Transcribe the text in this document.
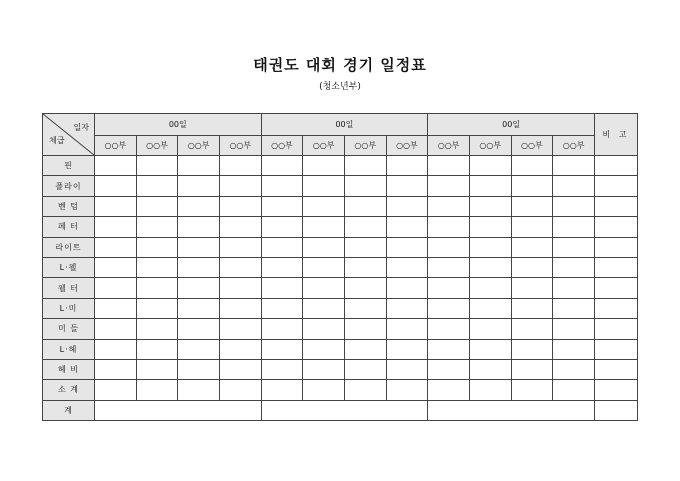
태권도 대회 경기 일정표
(청소년부)
일자
체급	00일				00일				00일				비 고
	○○부	○○부	○○부	○○부	○○부	○○부	○○부	○○부	○○부	○○부	○○부	○○부	
핀													
플라이													
벤 텀													
페 터													
라이트													
L·웰													
웰 터													
L·미													
미 들													
L·헤													
헤 비													
소 계													
계													
